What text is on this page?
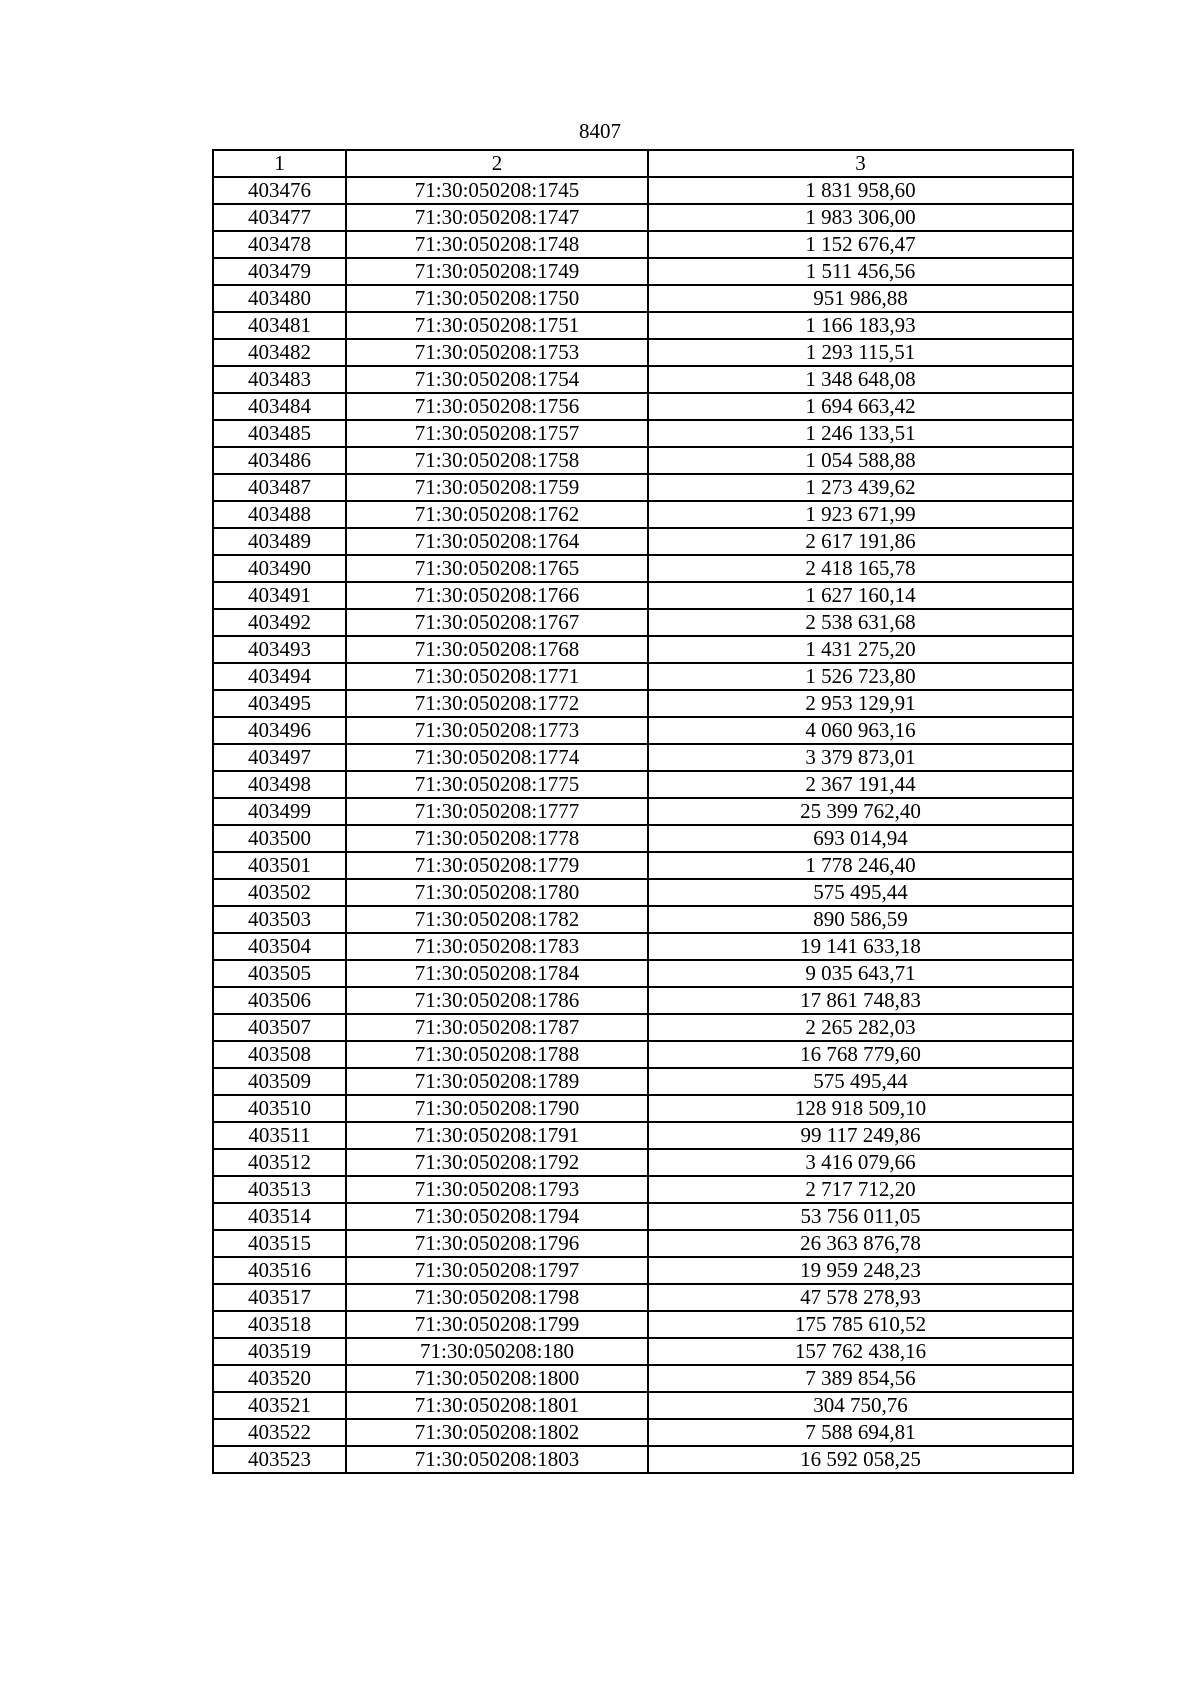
8407
1	2	3
403476	71:30:050208:1745	1 831 958,60
403477	71:30:050208:1747	1 983 306,00
403478	71:30:050208:1748	1 152 676,47
403479	71:30:050208:1749	1 511 456,56
403480	71:30:050208:1750	951 986,88
403481	71:30:050208:1751	1 166 183,93
403482	71:30:050208:1753	1 293 115,51
403483	71:30:050208:1754	1 348 648,08
403484	71:30:050208:1756	1 694 663,42
403485	71:30:050208:1757	1 246 133,51
403486	71:30:050208:1758	1 054 588,88
403487	71:30:050208:1759	1 273 439,62
403488	71:30:050208:1762	1 923 671,99
403489	71:30:050208:1764	2 617 191,86
403490	71:30:050208:1765	2 418 165,78
403491	71:30:050208:1766	1 627 160,14
403492	71:30:050208:1767	2 538 631,68
403493	71:30:050208:1768	1 431 275,20
403494	71:30:050208:1771	1 526 723,80
403495	71:30:050208:1772	2 953 129,91
403496	71:30:050208:1773	4 060 963,16
403497	71:30:050208:1774	3 379 873,01
403498	71:30:050208:1775	2 367 191,44
403499	71:30:050208:1777	25 399 762,40
403500	71:30:050208:1778	693 014,94
403501	71:30:050208:1779	1 778 246,40
403502	71:30:050208:1780	575 495,44
403503	71:30:050208:1782	890 586,59
403504	71:30:050208:1783	19 141 633,18
403505	71:30:050208:1784	9 035 643,71
403506	71:30:050208:1786	17 861 748,83
403507	71:30:050208:1787	2 265 282,03
403508	71:30:050208:1788	16 768 779,60
403509	71:30:050208:1789	575 495,44
403510	71:30:050208:1790	128 918 509,10
403511	71:30:050208:1791	99 117 249,86
403512	71:30:050208:1792	3 416 079,66
403513	71:30:050208:1793	2 717 712,20
403514	71:30:050208:1794	53 756 011,05
403515	71:30:050208:1796	26 363 876,78
403516	71:30:050208:1797	19 959 248,23
403517	71:30:050208:1798	47 578 278,93
403518	71:30:050208:1799	175 785 610,52
403519	71:30:050208:180	157 762 438,16
403520	71:30:050208:1800	7 389 854,56
403521	71:30:050208:1801	304 750,76
403522	71:30:050208:1802	7 588 694,81
403523	71:30:050208:1803	16 592 058,25
